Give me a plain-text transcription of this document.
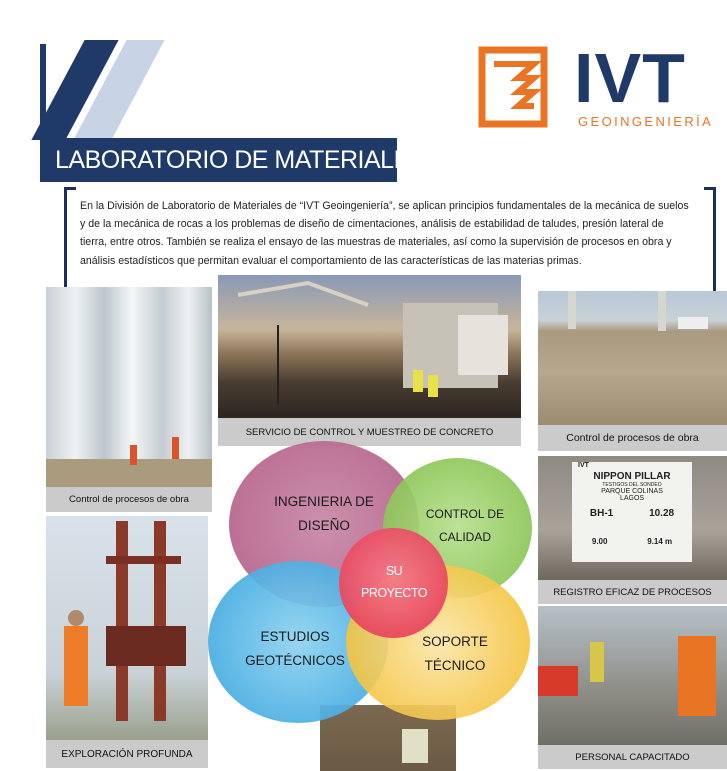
IVT
GEOINGENIERÍA
LABORATORIO DE MATERIALES
En la División de Laboratorio de Materiales de “IVT Geoingeniería”, se aplican principios fundamentales de la mecánica de suelos y de la mecánica de rocas a los problemas de diseño de cimentaciones, análisis de estabilidad de taludes, presión lateral de tierra, entre otros. También se realiza el ensayo de las muestras de materiales, así como la supervisión de procesos en obra y análisis estadísticos que permitan evaluar el comportamiento de las características de las materias primas.
Control de procesos de obra
SERVICIO DE CONTROL Y MUESTREO DE CONCRETO	Control de procesos de obra
IVT
NIPPON PILLAR
TESTIGOS DEL SONDEO
PARQUE COLINAS
LAGOS
BH-1	10.28
9.00	9.14 m
REGISTRO EFICAZ DE PROCESOS
EXPLORACIÓN PROFUNDA	PERSONAL CAPACITADO
INGENIERIA DE
DISEÑO
CONTROL DE
CALIDAD
ESTUDIOS
GEOTÉCNICOS
SOPORTE
TÉCNICO
SU
PROYECTO
